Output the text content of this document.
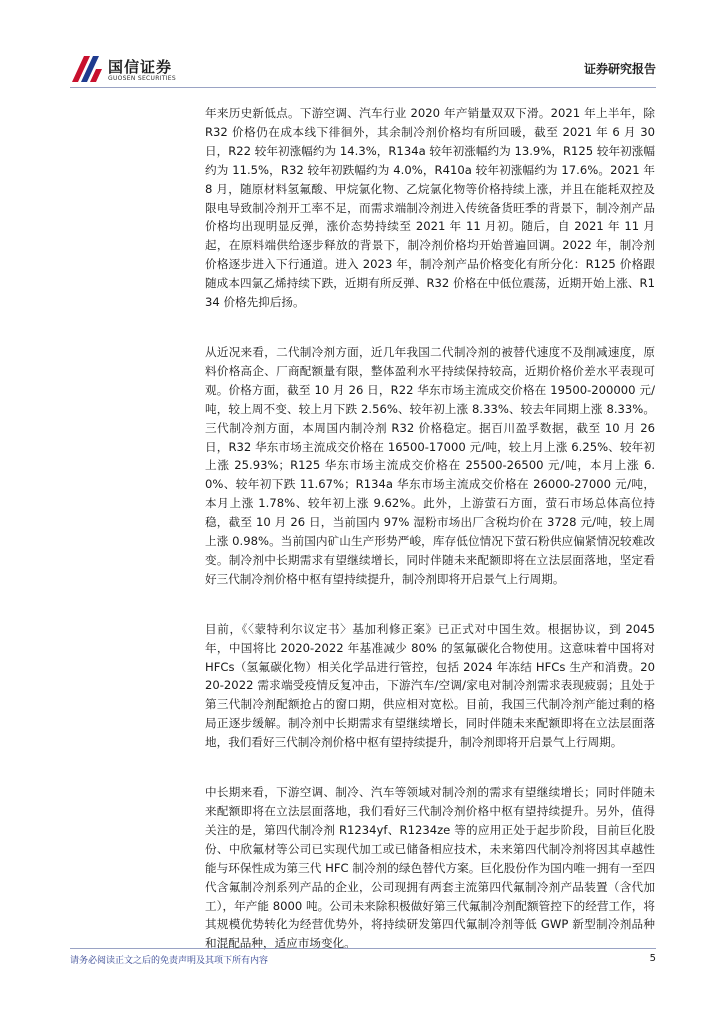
国信证券
GUOSEN SECURITIES
证券研究报告

年来历史新低点。下游空调、汽车行业 2020 年产销量双双下滑。2021 年上半年，除 R32 价格仍在成本线下徘徊外，其余制冷剂价格均有所回暖，截至 2021 年 6 月 30 日，R22 较年初涨幅约为 14.3%，R134a 较年初涨幅约为 13.9%，R125 较年初涨幅约为 11.5%，R32 较年初跌幅约为 4.0%，R410a 较年初涨幅约为 17.6%。2021 年 8 月，随原材料氢氟酸、甲烷氯化物、乙烷氯化物等价格持续上涨，并且在能耗双控及限电导致制冷剂开工率不足，而需求端制冷剂进入传统备货旺季的背景下，制冷剂产品价格均出现明显反弹，涨价态势持续至 2021 年 11 月初。随后，自 2021 年 11 月起，在原料端供给逐步释放的背景下，制冷剂价格均开始普遍回调。2022 年，制冷剂价格逐步进入下行通道。进入 2023 年，制冷剂产品价格变化有所分化：R125 价格跟随成本四氯乙烯持续下跌，近期有所反弹、R32 价格在中低位震荡，近期开始上涨、R134 价格先抑后扬。

从近况来看，二代制冷剂方面，近几年我国二代制冷剂的被替代速度不及削减速度，原料价格高企、厂商配额量有限，整体盈利水平持续保持较高，近期价格价差水平表现可观。价格方面，截至 10 月 26 日，R22 华东市场主流成交价格在 19500-200000 元/吨，较上周不变、较上月下跌 2.56%、较年初上涨 8.33%、较去年同期上涨 8.33%。三代制冷剂方面，本周国内制冷剂 R32 价格稳定。据百川盈孚数据，截至 10 月 26 日，R32 华东市场主流成交价格在 16500-17000 元/吨，较上月上涨 6.25%、较年初上涨 25.93%；R125 华东市场主流成交价格在 25500-26500 元/吨，本月上涨 6.0%、较年初下跌 11.67%；R134a 华东市场主流成交价格在 26000-27000 元/吨，本月上涨 1.78%、较年初上涨 9.62%。此外，上游萤石方面，萤石市场总体高位持稳，截至 10 月 26 日，当前国内 97% 湿粉市场出厂含税均价在 3728 元/吨，较上周上涨 0.98%。当前国内矿山生产形势严峻，库存低位情况下萤石粉供应偏紧情况较难改变。制冷剂中长期需求有望继续增长，同时伴随未来配额即将在立法层面落地，坚定看好三代制冷剂价格中枢有望持续提升，制冷剂即将开启景气上行周期。

目前，《〈蒙特利尔议定书〉基加利修正案》已正式对中国生效。根据协议，到 2045 年，中国将比 2020-2022 年基准减少 80% 的氢氟碳化合物使用。这意味着中国将对 HFCs（氢氟碳化物）相关化学品进行管控，包括 2024 年冻结 HFCs 生产和消费。2020-2022 需求端受疫情反复冲击，下游汽车/空调/家电对制冷剂需求表现疲弱；且处于第三代制冷剂配额抢占的窗口期，供应相对宽松。目前，我国三代制冷剂产能过剩的格局正逐步缓解。制冷剂中长期需求有望继续增长，同时伴随未来配额即将在立法层面落地，我们看好三代制冷剂价格中枢有望持续提升，制冷剂即将开启景气上行周期。

中长期来看，下游空调、制冷、汽车等领域对制冷剂的需求有望继续增长；同时伴随未来配额即将在立法层面落地，我们看好三代制冷剂价格中枢有望持续提升。另外，值得关注的是，第四代制冷剂 R1234yf、R1234ze 等的应用正处于起步阶段，目前巨化股份、中欣氟材等公司已实现代加工或已储备相应技术，未来第四代制冷剂将因其卓越性能与环保性成为第三代 HFC 制冷剂的绿色替代方案。巨化股份作为国内唯一拥有一至四代含氟制冷剂系列产品的企业，公司现拥有两套主流第四代氟制冷剂产品装置（含代加工），年产能 8000 吨。公司未来除积极做好第三代氟制冷剂配额管控下的经营工作，将其规模优势转化为经营优势外，将持续研发第四代氟制冷剂等低 GWP 新型制冷剂品种和混配品种，适应市场变化。

请务必阅读正文之后的免责声明及其项下所有内容	5
